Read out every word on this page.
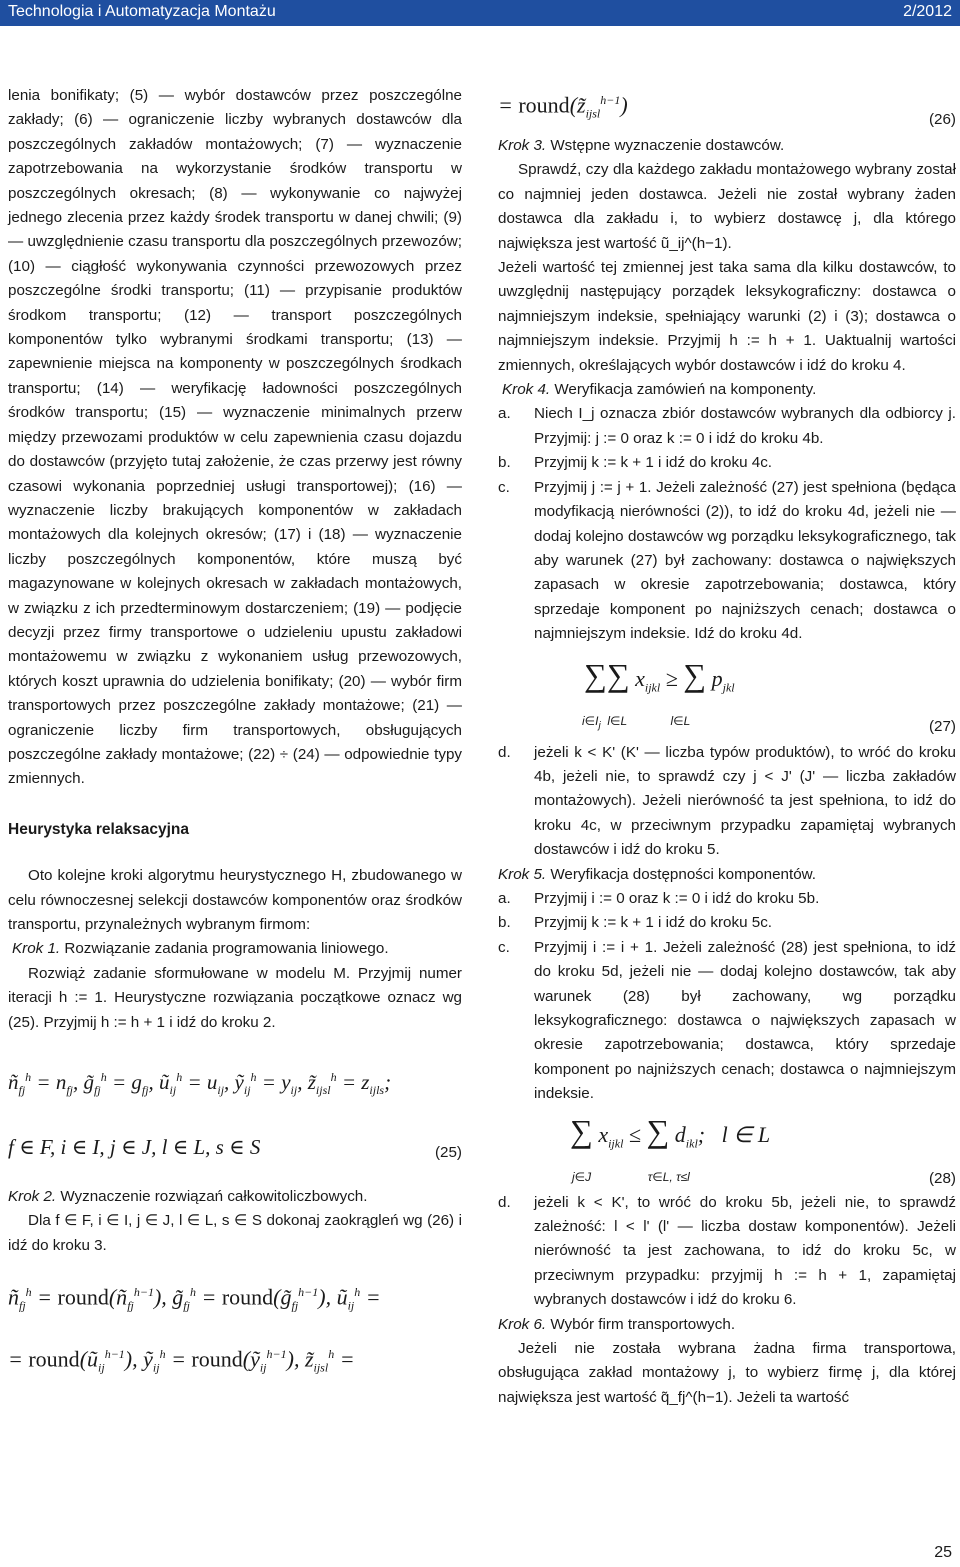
Technologia i Automatyzacja Montażu	2/2012

lenia bonifikaty; (5) — wybór dostawców przez poszczególne zakłady; (6) — ograniczenie liczby wybranych dostawców dla poszczególnych zakładów montażowych; (7) — wyznaczenie zapotrzebowania na wykorzystanie środków transportu w poszczególnych okresach; (8) — wykonywanie co najwyżej jednego zlecenia przez każdy środek transportu w danej chwili; (9) — uwzględnienie czasu transportu dla poszczególnych przewozów; (10) — ciągłość wykonywania czynności przewozowych przez poszczególne środki transportu; (11) — przypisanie produktów środkom transportu; (12) — transport poszczególnych komponentów tylko wybranymi środkami transportu; (13) — zapewnienie miejsca na komponenty w poszczególnych środkach transportu; (14) — weryfikację ładowności poszczególnych środków transportu; (15) — wyznaczenie minimalnych przerw między przewozami produktów w celu zapewnienia czasu dojazdu do dostawców (przyjęto tutaj założenie, że czas przerwy jest równy czasowi wykonania poprzedniej usługi transportowej); (16) — wyznaczenie liczby brakujących komponentów w zakładach montażowych dla kolejnych okresów; (17) i (18) — wyznaczenie liczby poszczególnych komponentów, które muszą być magazynowane w kolejnych okresach w zakładach montażowych, w związku z ich przedterminowym dostarczeniem; (19) — podjęcie decyzji przez firmy transportowe o udzieleniu upustu zakładowi montażowemu w związku z wykonaniem usług przewozowych, których koszt uprawnia do udzielenia bonifikaty; (20) — wybór firm transportowych przez poszczególne zakłady montażowe; (21) — ograniczenie liczby firm transportowych, obsługujących poszczególne zakłady montażowe; (22) ÷ (24) — odpowiednie typy zmiennych.

Heurystyka relaksacyjna

Oto kolejne kroki algorytmu heurystycznego H, zbudowanego w celu równoczesnej selekcji dostawców komponentów oraz środków transportu, przynależnych wybranym firmom:

Krok 1. Rozwiązanie zadania programowania liniowego.

Rozwiąż zadanie sformułowane w modelu M. Przyjmij numer iteracji h := 1. Heurystyczne rozwiązania początkowe oznacz wg (25). Przyjmij h := h + 1 i idź do kroku 2.

$ñ_{fj}^h = n_{fj}$, $g̃_{fj}^h = g_{fj}$, $ũ_{ij}^h = u_{ij}$, ỹ$_{ij}^h$ = $y_{ij}$, $z̃_{ijsl}^h = z_{ijls}$;
f ∈ F, i ∈ I, j ∈ J, l ∈ L, s ∈ S	(25)

Krok 2. Wyznaczenie rozwiązań całkowitoliczbowych.

Dla f ∈ F, i ∈ I, j ∈ J, l ∈ L, s ∈ S dokonaj zaokrągleń wg (26) i idź do kroku 3.

$ñ_{fj}^h$ = $round(ñ_{fj}^{h-1})$, $g̃_{fj}^h$ = $round(g̃_{fj}^{h-1})$, $ũ_{ij}^h$ =
= $round(ũ_{ij}^{h-1})$, ỹ$_{ij}^h$ = round(ỹ$_{ij}^{h-1}$), $z̃_{ijsl}^h$ =
= $round(z̃_{ijsl}^{h-1})$
(26)

Krok 3. Wstępne wyznaczenie dostawców.

Sprawdź, czy dla każdego zakładu montażowego wybrany został co najmniej jeden dostawca. Jeżeli nie został wybrany żaden dostawca dla zakładu i, to wybierz dostawcę j, dla którego największa jest wartość ũ_ij^(h−1).

Jeżeli wartość tej zmiennej jest taka sama dla kilku dostawców, to uwzględnij następujący porządek leksykograficzny: dostawca o najmniejszym indeksie, spełniający warunki (2) i (3); dostawca o najmniejszym indeksie. Przyjmij h := h + 1. Uaktualnij wartości zmiennych, określających wybór dostawców i idź do kroku 4.

Krok 4. Weryfikacja zamówień na komponenty.

a.	Niech I_j oznacza zbiór dostawców wybranych dla odbiorcy j. Przyjmij: j := 0 oraz k := 0 i idź do kroku 4b.
b.	Przyjmij k := k + 1 i idź do kroku 4c.
c.	Przyjmij j := j + 1. Jeżeli zależność (27) jest spełniona (będąca modyfikacją nierówności (2)), to idź do kroku 4d, jeżeli nie — dodaj kolejno dostawców wg porządku leksykograficznego, tak aby warunek (27) był zachowany: dostawca o największych zapasach w okresie zapotrzebowania; dostawca, który sprzedaje komponent po najniższych cenach; dostawca o najmniejszym indeksie. Idź do kroku 4d.
∑∑ $x_{ijkl}$ ≥ ∑ $p_{jkl}$
$i\in I_j$  l∈L             l∈L	(27)
d.	jeżeli k < K' (K' — liczba typów produktów), to wróć do kroku 4b, jeżeli nie, to sprawdź czy j < J' (J' — liczba zakładów montażowych). Jeżeli nierówność ta jest spełniona, to idź do kroku 4c, w przeciwnym przypadku zapamiętaj wybranych dostawców i idź do kroku 5.

Krok 5. Weryfikacja dostępności komponentów.

a.	Przyjmij i := 0 oraz k := 0 i idź do kroku 5b.
b.	Przyjmij k := k + 1 i idź do kroku 5c.
c.	Przyjmij i := i + 1. Jeżeli zależność (28) jest spełniona, to idź do kroku 5d, jeżeli nie — dodaj kolejno dostawców, tak aby warunek (28) był zachowany, wg porządku leksykograficznego: dostawca o największych zapasach w okresie zapotrzebowania; dostawca, który sprzedaje komponent po najniższych cenach; dostawca o najmniejszym indeksie.
∑ $x_{ijkl}$ ≤ ∑ $d_{ikl}$;   l ∈ L
j∈J                 τ∈L, τ≤l	(28)
d.	jeżeli k < K', to wróć do kroku 5b, jeżeli nie, to sprawdź zależność: l < l' (l' — liczba dostaw komponentów). Jeżeli nierówność ta jest zachowana, to idź do kroku 5c, w przeciwnym przypadku: przyjmij h := h + 1, zapamiętaj wybranych dostawców i idź do kroku 6.

Krok 6. Wybór firm transportowych.

Jeżeli nie została wybrana żadna firma transportowa, obsługująca zakład montażowy j, to wybierz firmę j, dla której największa jest wartość q̃_fj^(h−1). Jeżeli ta wartość

25
